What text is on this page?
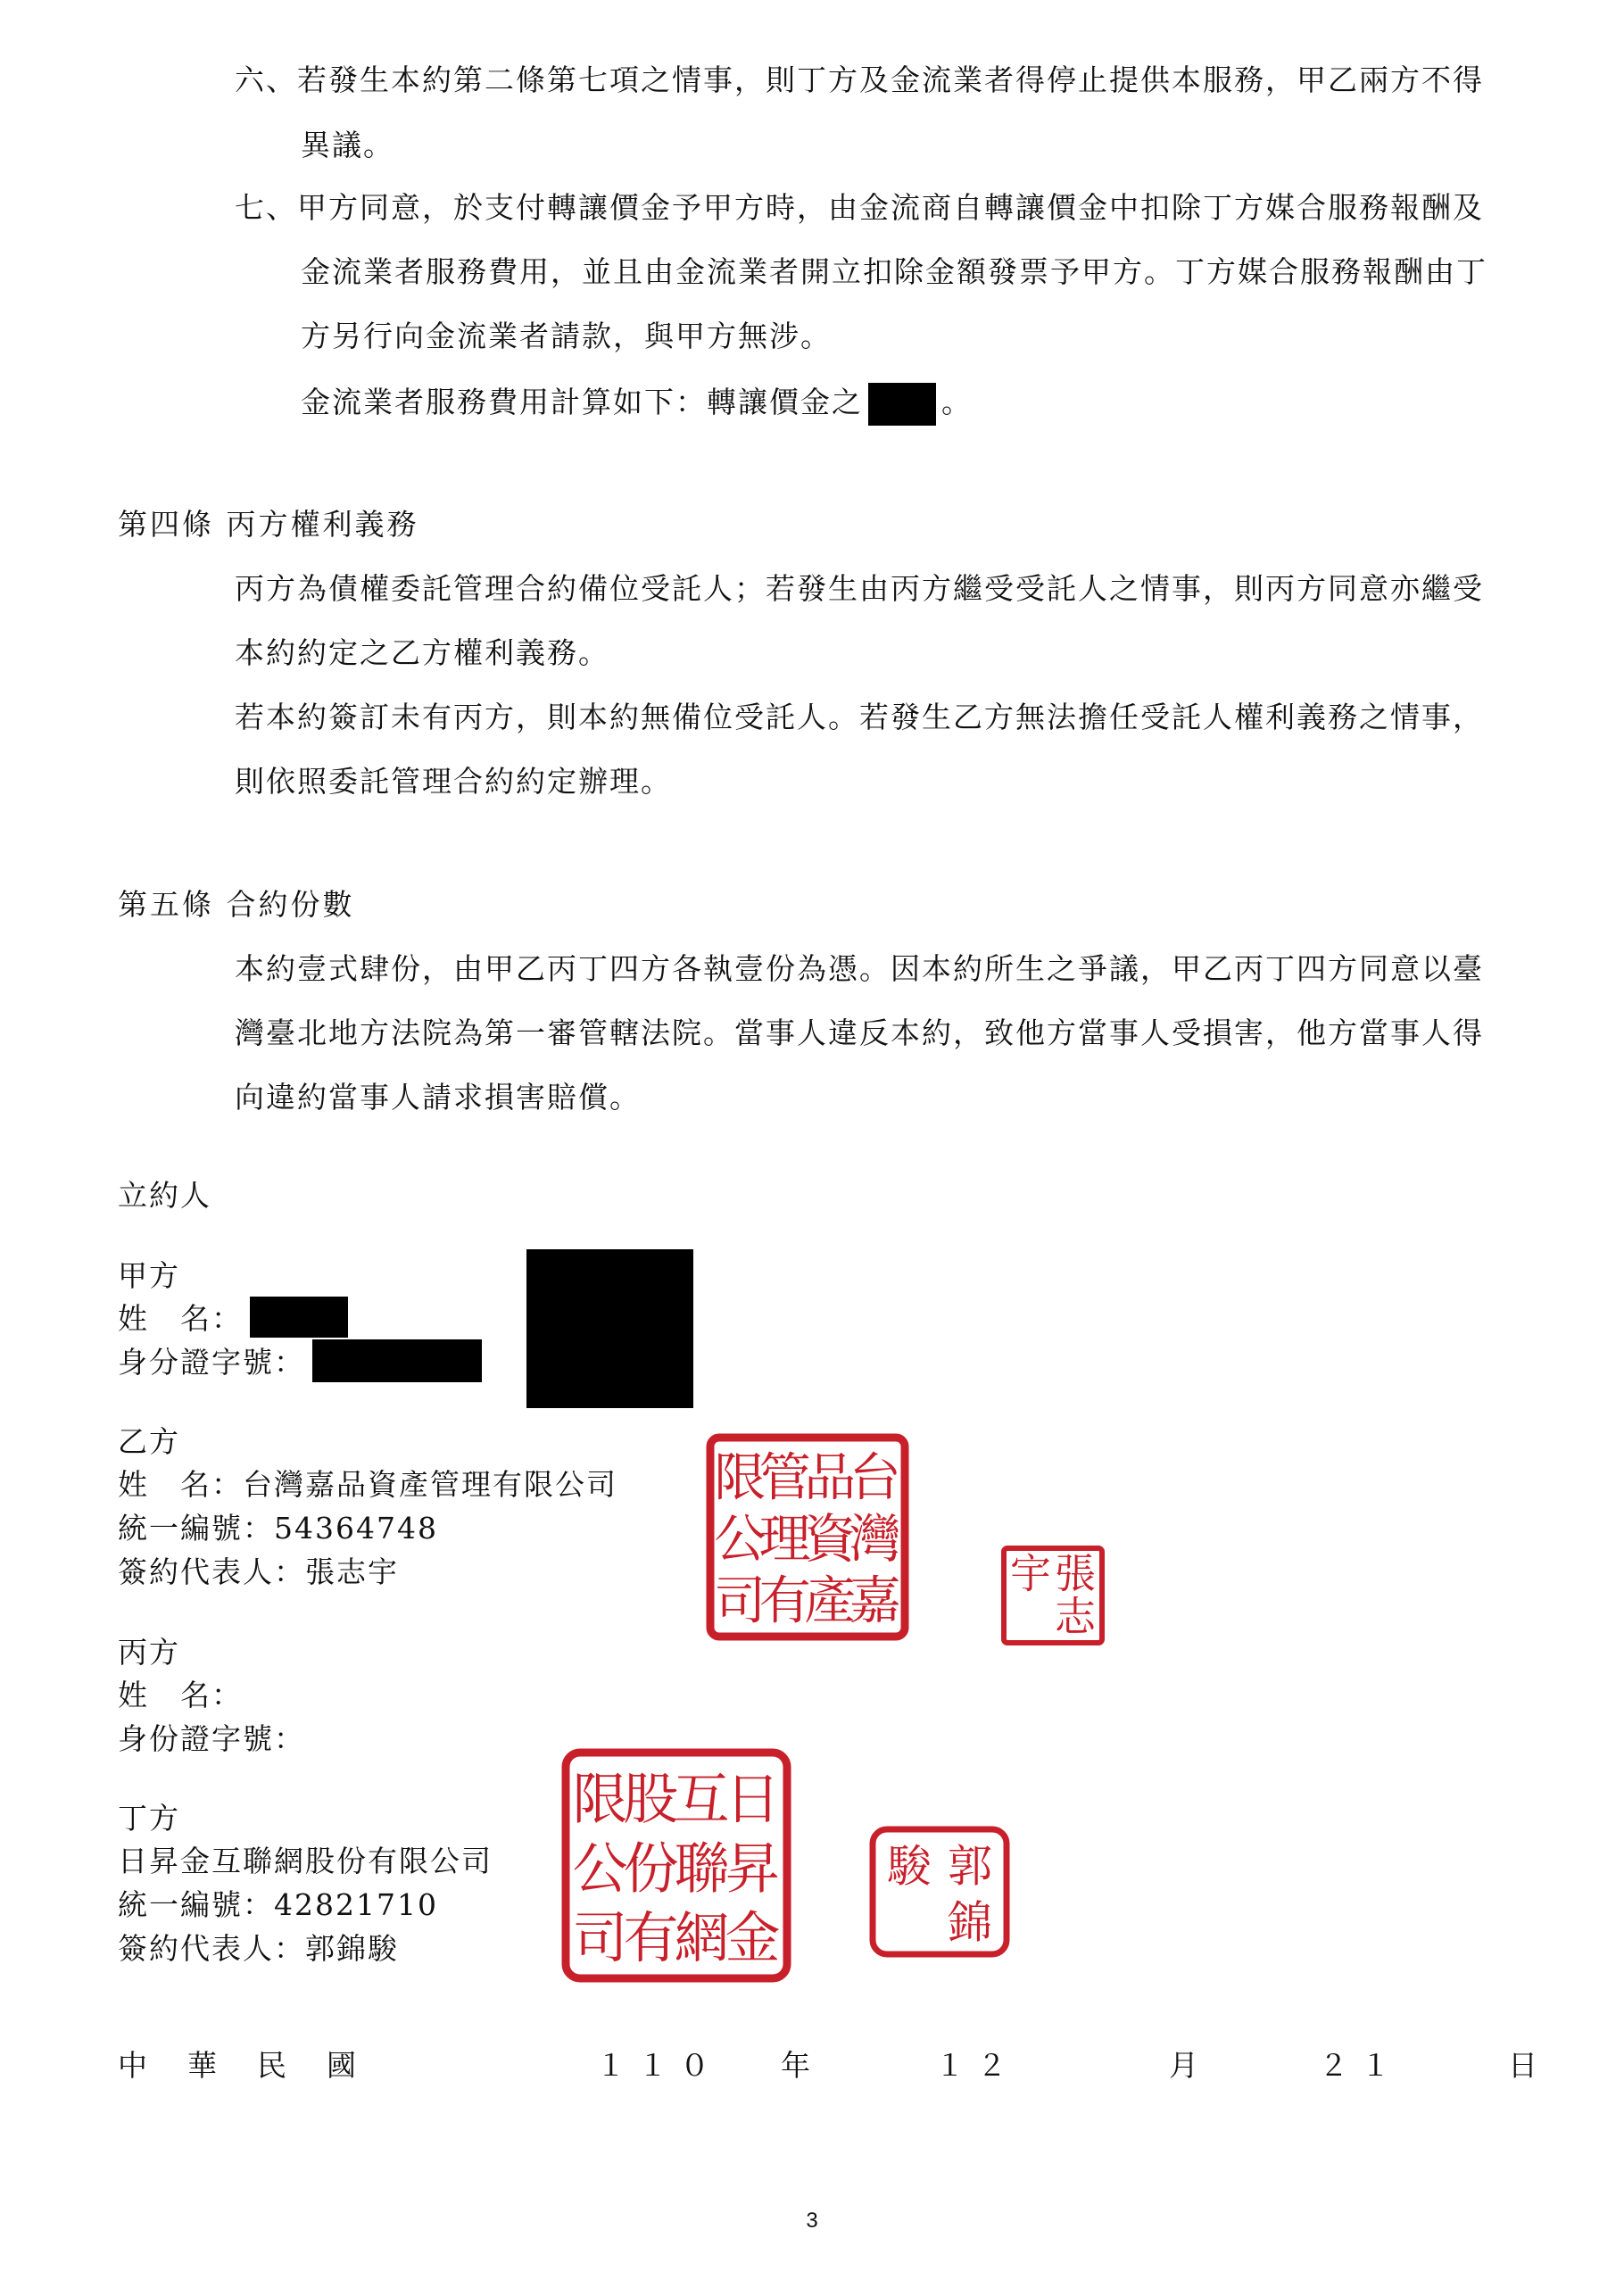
六、若發生本約第二條第七項之情事，則丁方及金流業者得停止提供本服務，甲乙兩方不得
異議。
七、甲方同意，於支付轉讓價金予甲方時，由金流商自轉讓價金中扣除丁方媒合服務報酬及
金流業者服務費用，並且由金流業者開立扣除金額發票予甲方。丁方媒合服務報酬由丁
方另行向金流業者請款，與甲方無涉。
金流業者服務費用計算如下：轉讓價金之	。
第四條 丙方權利義務
丙方為債權委託管理合約備位受託人；若發生由丙方繼受受託人之情事，則丙方同意亦繼受
本約約定之乙方權利義務。
若本約簽訂未有丙方，則本約無備位受託人。若發生乙方無法擔任受託人權利義務之情事，
則依照委託管理合約約定辦理。
第五條 合約份數
本約壹式肆份，由甲乙丙丁四方各執壹份為憑。因本約所生之爭議，甲乙丙丁四方同意以臺
灣臺北地方法院為第一審管轄法院。當事人違反本約，致他方當事人受損害，他方當事人得
向違約當事人請求損害賠償。
立約人
甲方
姓　名：
身分證字號：
乙方
姓　名：台灣嘉品資產管理有限公司
統一編號：54364748
簽約代表人：張志宇
台
灣
嘉
品
資
產
管
理
有
限
公
司	張
志
宇
丙方
姓　名：
身份證字號：
丁方
日昇金互聯網股份有限公司
統一編號：42821710
簽約代表人：郭錦駿
日
昇
金
互
聯
網
股
份
有
限
公
司
郭
錦
駿
中　華　民　國	１１０ 年	１２	月	２１	日
3
